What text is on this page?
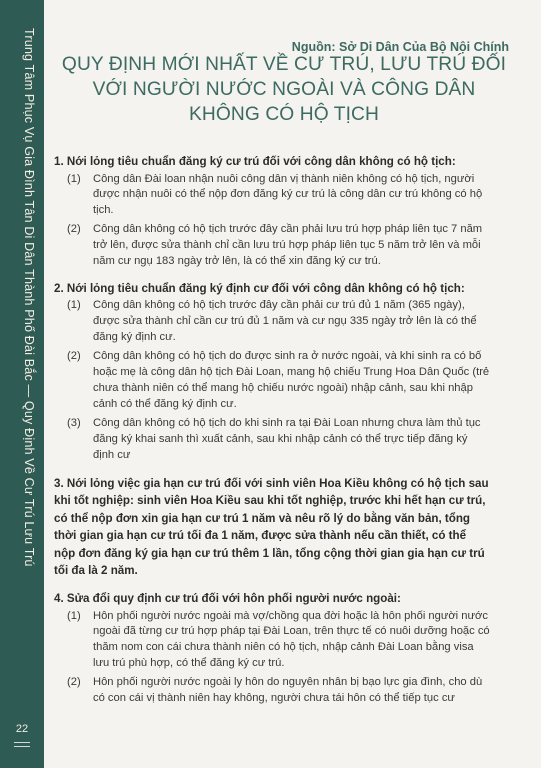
Trung Tâm Phục Vụ Gia Đình Tân Di Dân Thành Phố Đài Bắc — Quy Định Về Cư Trú Lưu Trú
22
Nguồn: Sở Di Dân Của Bộ Nội Chính
QUY ĐỊNH MỚI NHẤT VỀ CƯ TRÚ, LƯU TRÚ ĐỐI VỚI NGƯỜI NƯỚC NGOÀI VÀ CÔNG DÂN KHÔNG CÓ HỘ TỊCH
1. Nới lỏng tiêu chuẩn đăng ký cư trú đối với công dân không có hộ tịch:
(1)	Công dân Đài loan nhận nuôi công dân vị thành niên không có hộ tịch, người được nhận nuôi có thể nộp đơn đăng ký cư trú là công dân cư trú không có hộ tịch.
(2)	Công dân không có hộ tịch trước đây cần phải lưu trú hợp pháp liên tục 7 năm trở lên, được sửa thành chỉ cần lưu trú hợp pháp liên tục 5 năm trở lên và mỗi năm cư ngụ 183 ngày trở lên, là có thể xin đăng ký cư trú.
2. Nới lỏng tiêu chuẩn đăng ký định cư đối với công dân không có hộ tịch:
(1)	Công dân không có hộ tịch trước đây cần phải cư trú đủ 1 năm (365 ngày), được sửa thành chỉ cần cư trú đủ 1 năm và cư ngụ 335 ngày trở lên là có thể đăng ký định cư.
(2)	Công dân không có hộ tịch do được sinh ra ở nước ngoài, và khi sinh ra có bố hoặc mẹ là công dân hộ tịch Đài Loan, mang hộ chiếu Trung Hoa Dân Quốc (trẻ chưa thành niên có thể mang hộ chiếu nước ngoài) nhập cảnh, sau khi nhập cảnh có thể đăng ký định cư.
(3)	Công dân không có hộ tịch do khi sinh ra tại Đài Loan nhưng chưa làm thủ tục đăng ký khai sanh thì xuất cảnh, sau khi nhập cảnh có thể trực tiếp đăng ký định cư
3. Nới lỏng việc gia hạn cư trú đối với sinh viên Hoa Kiều không có hộ tịch sau khi tốt nghiệp: sinh viên Hoa Kiều sau khi tốt nghiệp, trước khi hết hạn cư trú, có thể nộp đơn xin gia hạn cư trú 1 năm và nêu rõ lý do bằng văn bản, tổng thời gian gia hạn cư trú tối đa 1 năm, được sửa thành nếu cần thiết, có thể nộp đơn đăng ký gia hạn cư trú thêm 1 lần, tổng cộng thời gian gia hạn cư trú tối đa là 2 năm.
4. Sửa đổi quy định cư trú đối với hôn phối người nước ngoài:
(1)	Hôn phối người nước ngoài mà vợ/chồng qua đời hoặc là hôn phối người nước ngoài đã từng cư trú hợp pháp tại Đài Loan, trên thực tế có nuôi dưỡng hoặc có thăm nom con cái chưa thành niên có hộ tịch, nhập cảnh Đài Loan bằng visa lưu trú phù hợp, có thể đăng ký cư trú.
(2)	Hôn phối người nước ngoài ly hôn do nguyên nhân bị bạo lực gia đình, cho dù có con cái vị thành niên hay không, người chưa tái hôn có thể tiếp tục cư
